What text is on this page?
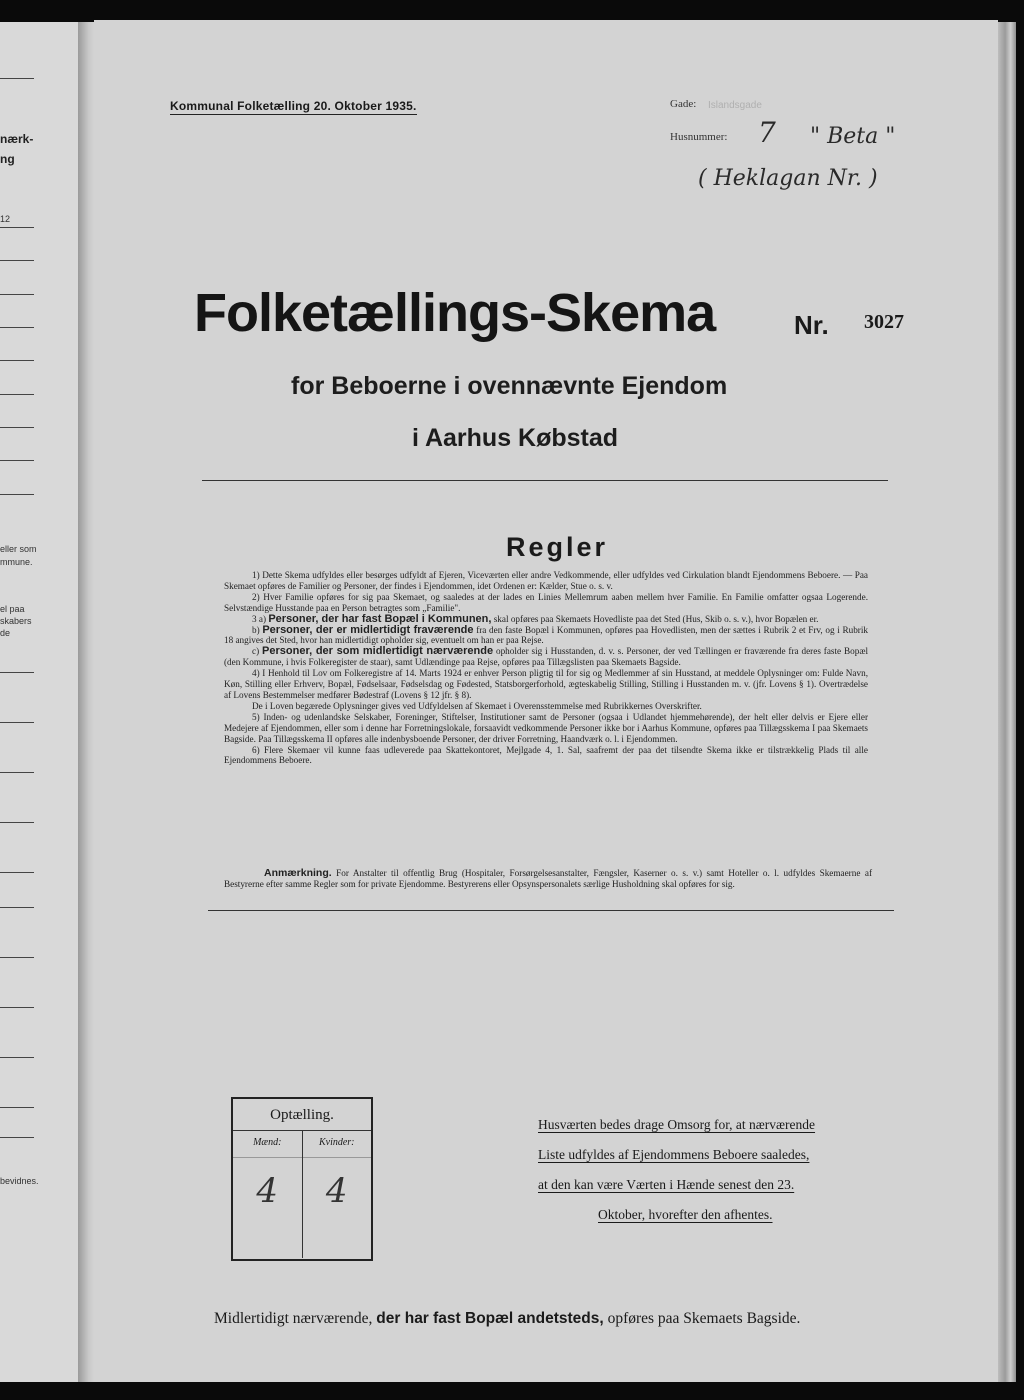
nærk-
ng
12
eller som
mmune.
el paa
skabers
de
bevidnes.
Kommunal Folketælling 20. Oktober 1935.	Gade: Islandsgade
Husnummer: 7 " Beta "
( Heklagan Nr. )
Folketællings-Skema	Nr. 3027
for Beboerne i ovennævnte Ejendom
i Aarhus Købstad
Regler

1) Dette Skema udfyldes eller besørges udfyldt af Ejeren, Viceværten eller andre Vedkommende, eller udfyldes ved Cirkulation blandt Ejendommens Beboere. — Paa Skemaet opføres de Familier og Personer, der findes i Ejendommen, idet Ordenen er: Kælder, Stue o. s. v.

2) Hver Familie opføres for sig paa Skemaet, og saaledes at der lades en Linies Mellemrum aaben mellem hver Familie. En Familie omfatter ogsaa Logerende. Selvstændige Husstande paa en Person betragtes som „Familie".

3 a) Personer, der har fast Bopæl i Kommunen, skal opføres paa Skemaets Hovedliste paa det Sted (Hus, Skib o. s. v.), hvor Bopælen er.

b) Personer, der er midlertidigt fraværende fra den faste Bopæl i Kommunen, opføres paa Hovedlisten, men der sættes i Rubrik 2 et Frv, og i Rubrik 18 angives det Sted, hvor han midlertidigt opholder sig, eventuelt om han er paa Rejse.

c) Personer, der som midlertidigt nærværende opholder sig i Husstanden, d. v. s. Personer, der ved Tællingen er fraværende fra deres faste Bopæl (den Kommune, i hvis Folkeregister de staar), samt Udlændinge paa Rejse, opføres paa Tillægslisten paa Skemaets Bagside.

4) I Henhold til Lov om Folkeregistre af 14. Marts 1924 er enhver Person pligtig til for sig og Medlemmer af sin Husstand, at meddele Oplysninger om: Fulde Navn, Køn, Stilling eller Erhverv, Bopæl, Fødselsaar, Fødselsdag og Fødested, Statsborgerforhold, ægteskabelig Stilling, Stilling i Husstanden m. v. (jfr. Lovens § 1). Overtrædelse af Lovens Bestemmelser medfører Bødestraf (Lovens § 12 jfr. § 8).

De i Loven begærede Oplysninger gives ved Udfyldelsen af Skemaet i Overensstemmelse med Rubrikkernes Overskrifter.

5) Inden- og udenlandske Selskaber, Foreninger, Stiftelser, Institutioner samt de Personer (ogsaa i Udlandet hjemmehørende), der helt eller delvis er Ejere eller Medejere af Ejendommen, eller som i denne har Forretningslokale, forsaavidt vedkommende Personer ikke bor i Aarhus Kommune, opføres paa Tillægsskema I paa Skemaets Bagside. Paa Tillægsskema II opføres alle indenbysboende Personer, der driver Forretning, Haandværk o. l. i Ejendommen.

6) Flere Skemaer vil kunne faas udleverede paa Skattekontoret, Mejlgade 4, 1. Sal, saafremt der paa det tilsendte Skema ikke er tilstrækkelig Plads til alle Ejendommens Beboere.

Anmærkning. For Anstalter til offentlig Brug (Hospitaler, Forsørgelsesanstalter, Fængsler, Kaserner o. s. v.) samt Hoteller o. l. udfyldes Skemaerne af Bestyrerne efter samme Regler som for private Ejendomme. Bestyrerens eller Opsynspersonalets særlige Husholdning skal opføres for sig.
Optælling.
Mænd:
4
Kvinder:
4
Husværten bedes drage Omsorg for, at nærværende
Liste udfyldes af Ejendommens Beboere saaledes,
at den kan være Værten i Hænde senest den 23.
Oktober, hvorefter den afhentes.
Midlertidigt nærværende, der har fast Bopæl andetsteds, opføres paa Skemaets Bagside.
